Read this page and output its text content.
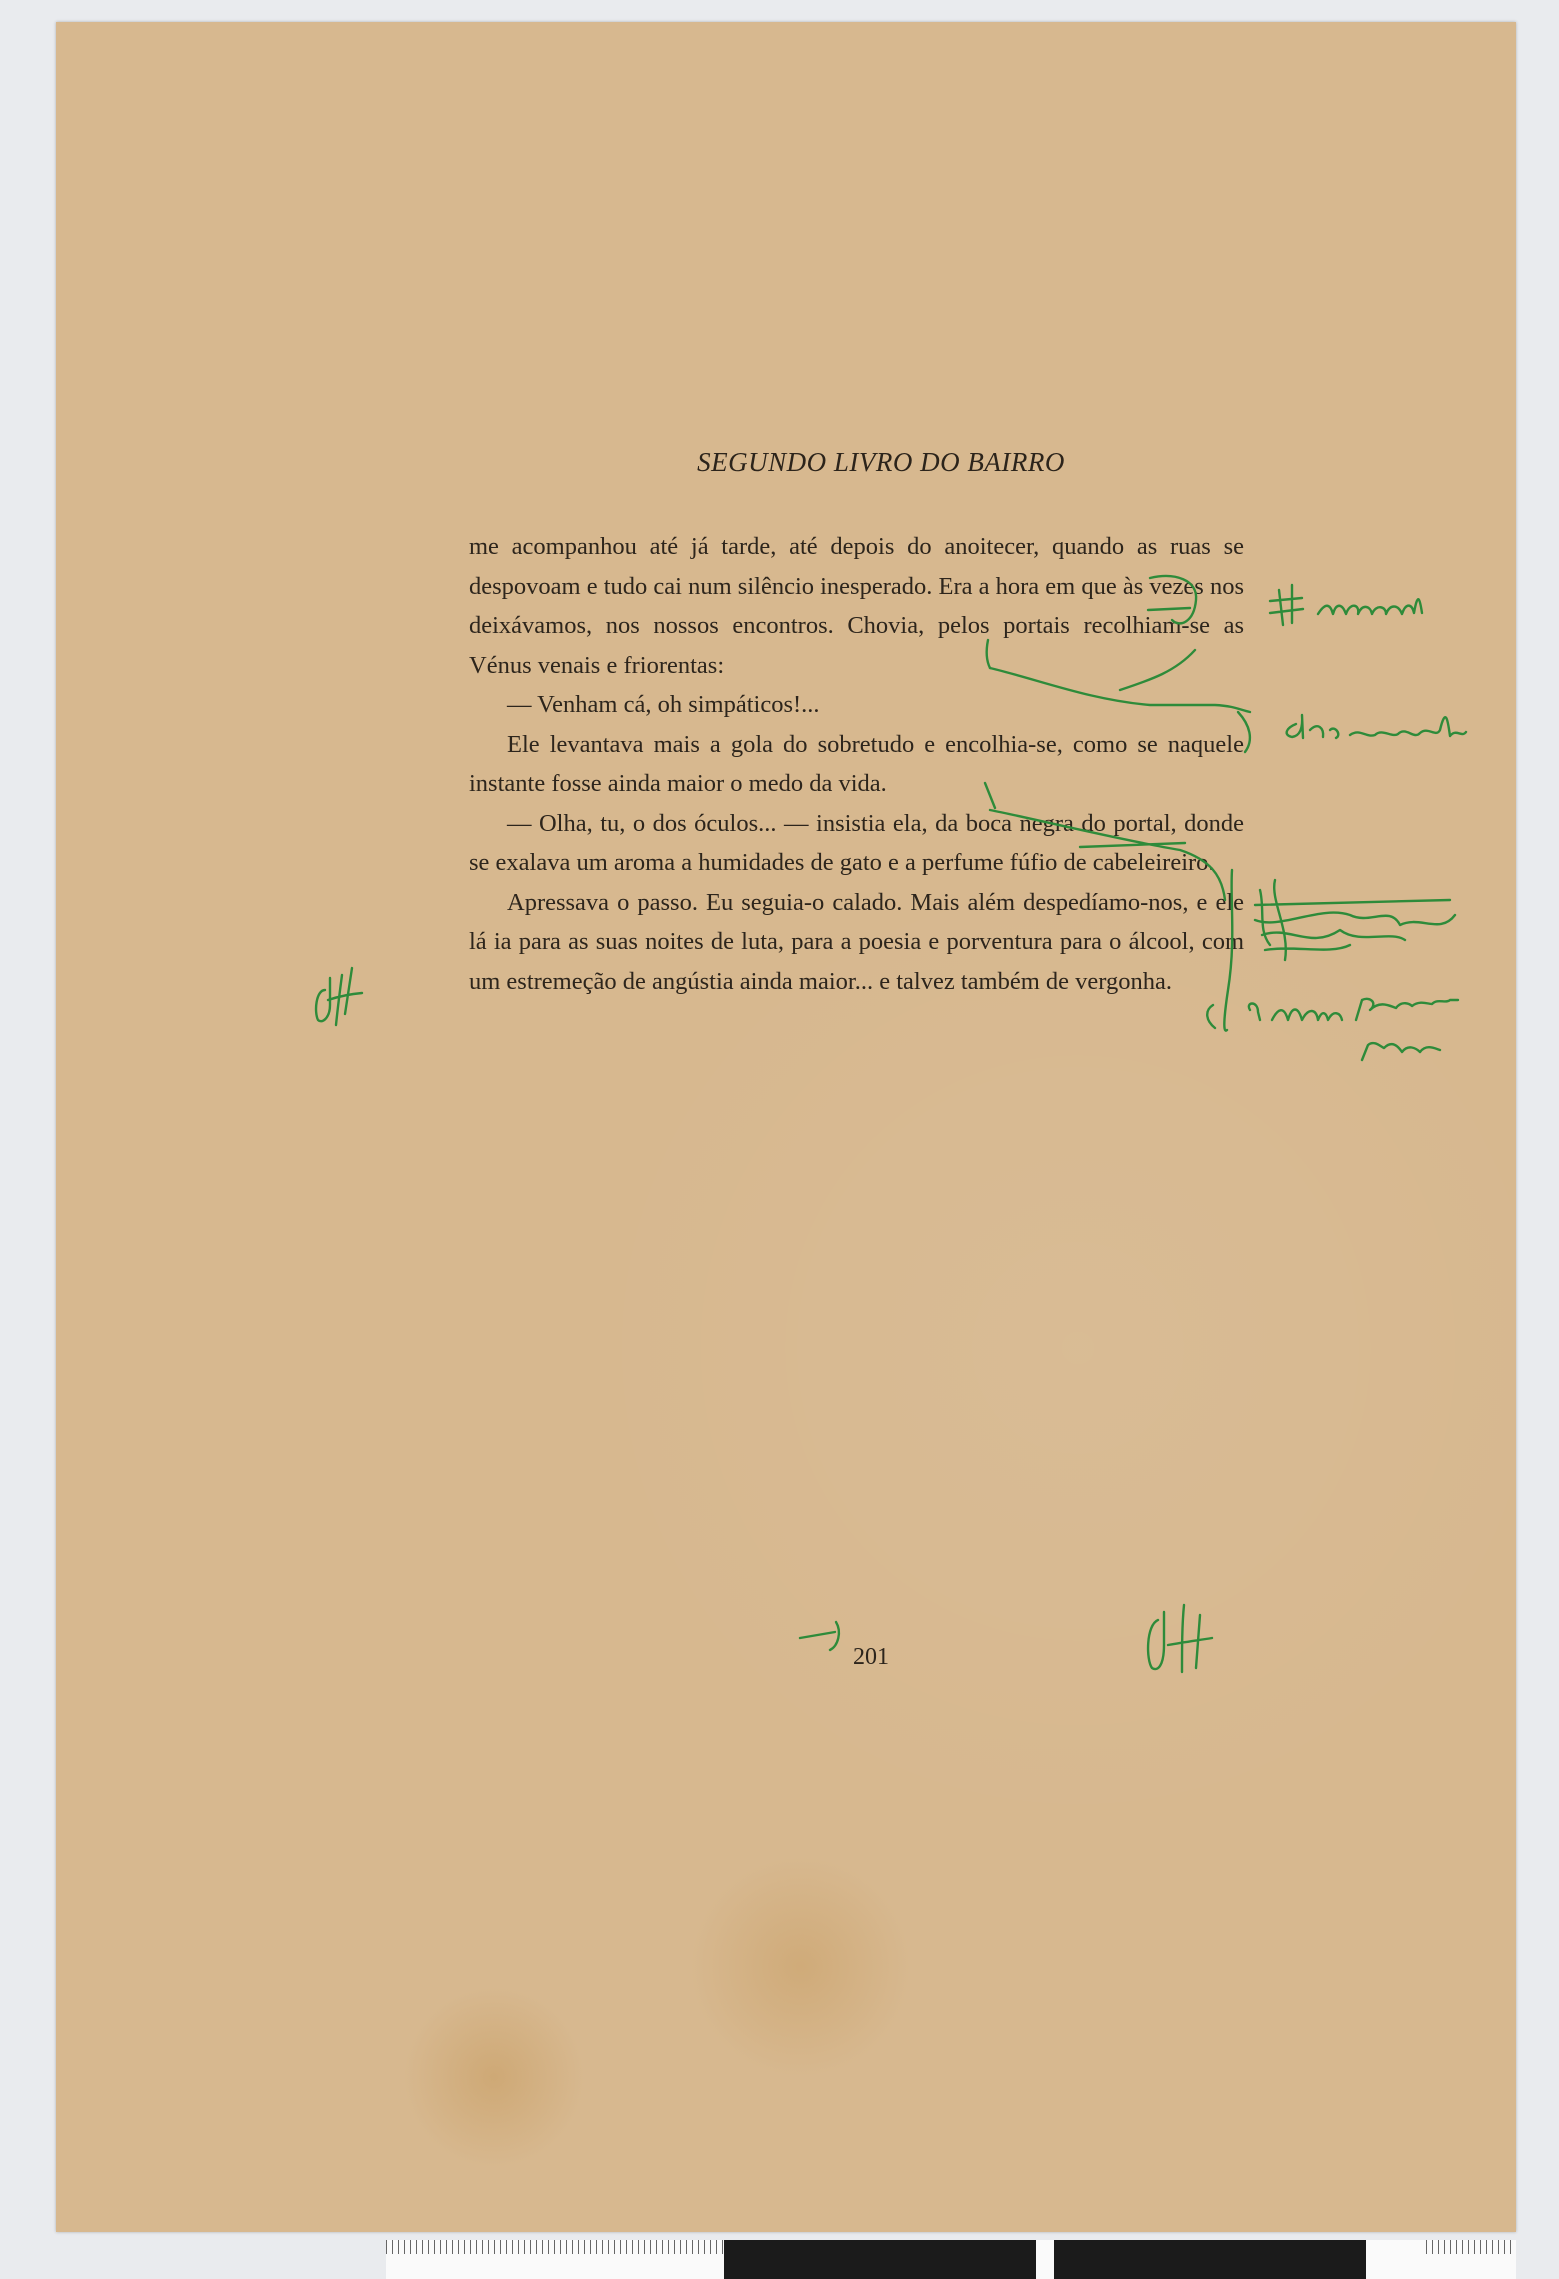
SEGUNDO LIVRO DO BAIRRO

me acompanhou até já tarde, até depois do anoitecer, quando as ruas se despovoam e tudo cai num silêncio inesperado. Era a hora em que às vezes nos deixávamos, nos nossos encontros. Chovia, pelos portais recolhiam-se as Vénus venais e friorentas:

— Venham cá, oh simpáticos!...

Ele levantava mais a gola do sobretudo e encolhia-se, como se naquele instante fosse ainda maior o medo da vida.

— Olha, tu, o dos óculos... — insistia ela, da boca negra do portal, donde se exalava um aroma a humidades de gato e a perfume fúfio de cabeleireiro.

Apressava o passo. Eu seguia-o calado. Mais além despedíamo-nos, e ele lá ia para as suas noites de luta, para a poesia e porventura para o álcool, com um estremeção de angústia ainda maior... e talvez também de vergonha.

201
